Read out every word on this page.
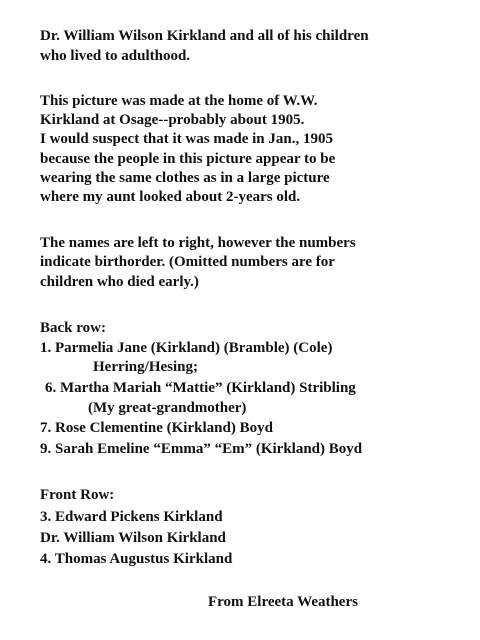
Dr. William Wilson Kirkland and all of his children
who lived to adulthood.
This picture was made at the home of W.W.
Kirkland at Osage--probably about 1905.
I would suspect that it was made in Jan., 1905
because the people in this picture appear to be
wearing the same clothes as in a large picture
where my aunt looked about 2-years old.
The names are left to right, however the numbers
indicate birthorder. (Omitted numbers are for
children who died early.)
Back row:
1. Parmelia Jane (Kirkland) (Bramble) (Cole)
Herring/Hesing;
6. Martha Mariah “Mattie” (Kirkland) Stribling
(My great-grandmother)
7. Rose Clementine (Kirkland) Boyd
9. Sarah Emeline “Emma” “Em” (Kirkland) Boyd
Front Row:
3. Edward Pickens Kirkland
Dr. William Wilson Kirkland
4. Thomas Augustus Kirkland
From Elreeta Weathers
